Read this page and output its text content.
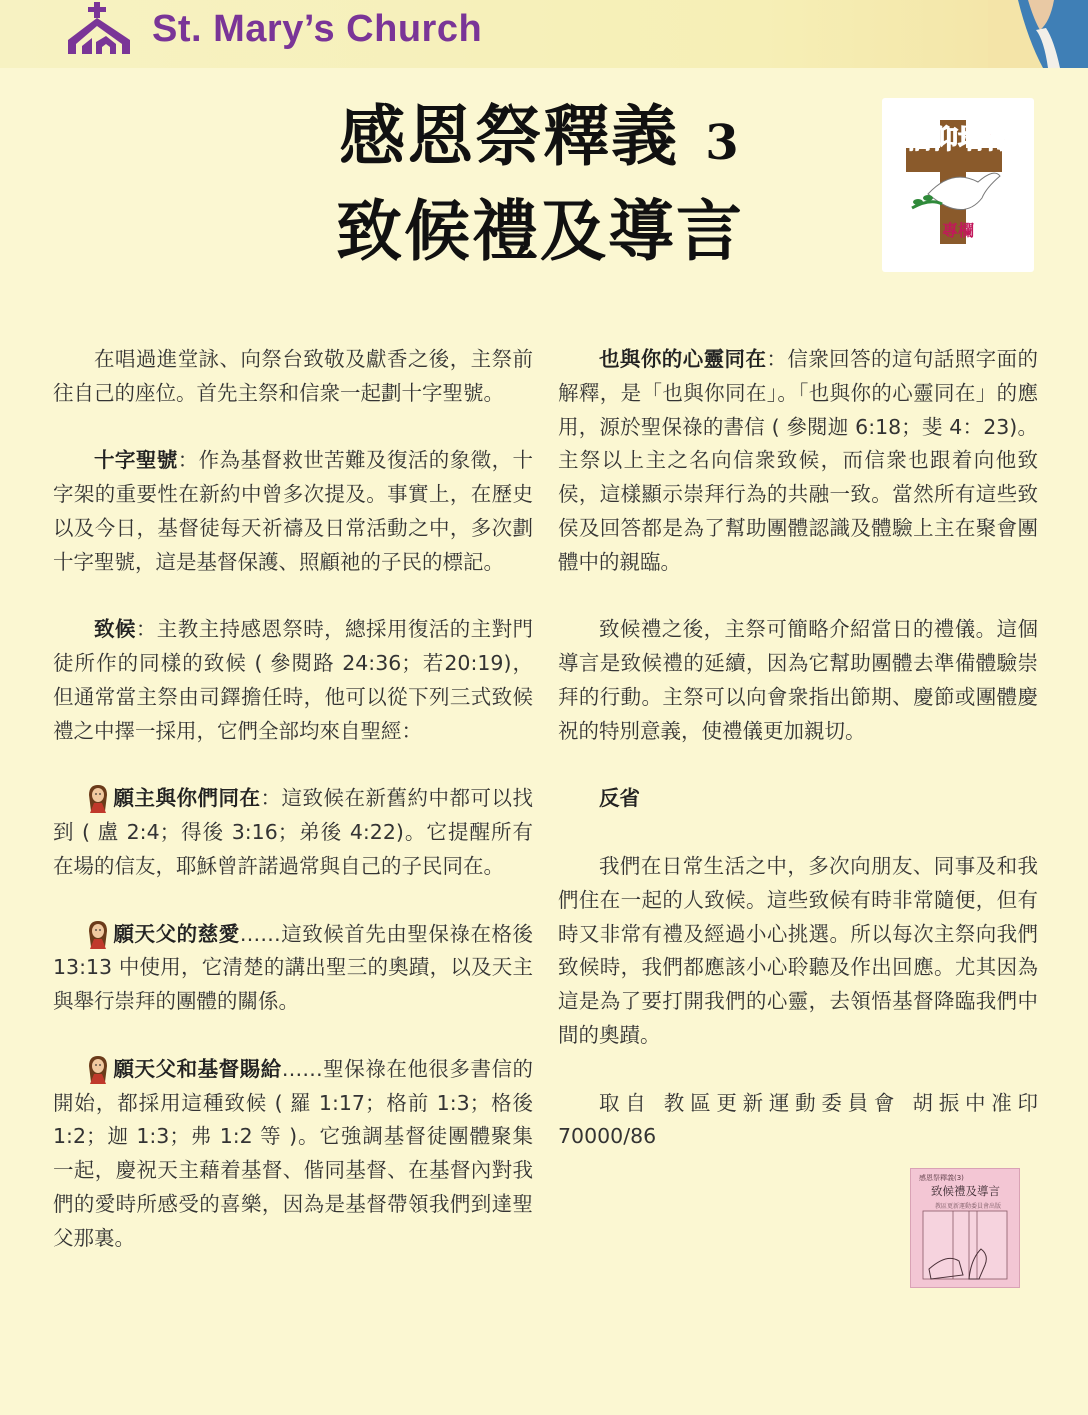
St. Mary’s Church
感恩祭釋義 3
致候禮及導言
信仰培育
專欄

在唱過進堂詠、向祭台致敬及獻香之後，主祭前往自己的座位。首先主祭和信衆一起劃十字聖號。

十字聖號：作為基督救世苦難及復活的象徵，十字架的重要性在新約中曾多次提及。事實上，在歷史以及今日，基督徒每天祈禱及日常活動之中，多次劃十字聖號，這是基督保護、照顧祂的子民的標記。

致候：主教主持感恩祭時，總採用復活的主對門徒所作的同樣的致候 ( 參閱路 24:36；若20:19)，但通常當主祭由司鐸擔任時，他可以從下列三式致候禮之中擇一採用，它們全部均來自聖經：

願主與你們同在：這致候在新舊約中都可以找到 ( 盧 2:4；得後 3:16；弟後 4:22)。它提醒所有在場的信友，耶穌曾許諾過常與自己的子民同在。

願天父的慈愛……這致候首先由聖保祿在格後 13:13 中使用，它清楚的講出聖三的奧蹟，以及天主與舉行崇拜的團體的關係。

願天父和基督賜給……聖保祿在他很多書信的開始，都採用這種致候 ( 羅 1:17；格前 1:3；格後 1:2；迦 1:3；弗 1:2 等 )。它強調基督徒團體聚集一起，慶祝天主藉着基督、偕同基督、在基督內對我們的愛時所感受的喜樂，因為是基督帶領我們到達聖父那裏。

也與你的心靈同在：信衆回答的這句話照字面的解釋，是「也與你同在」。「也與你的心靈同在」的應用，源於聖保祿的書信 ( 參閱迦 6:18；斐 4：23)。主祭以上主之名向信衆致候，而信衆也跟着向他致侯，這樣顯示崇拜行為的共融一致。當然所有這些致侯及回答都是為了幫助團體認識及體驗上主在聚會團體中的親臨。

致候禮之後，主祭可簡略介紹當日的禮儀。這個導言是致候禮的延續，因為它幫助團體去準備體驗崇拜的行動。主祭可以向會衆指出節期、慶節或團體慶祝的特別意義，使禮儀更加親切。

反省

我們在日常生活之中，多次向朋友、同事及和我們住在一起的人致候。這些致候有時非常隨便，但有時又非常有禮及經過小心挑選。所以每次主祭向我們致候時，我們都應該小心聆聽及作出回應。尤其因為這是為了要打開我們的心靈，去領悟基督降臨我們中間的奧蹟。

取自 教區更新運動委員會 胡振中准印 70000/86

感恩祭釋義(3)
致候禮及導言
教區更新運動委員會出版
